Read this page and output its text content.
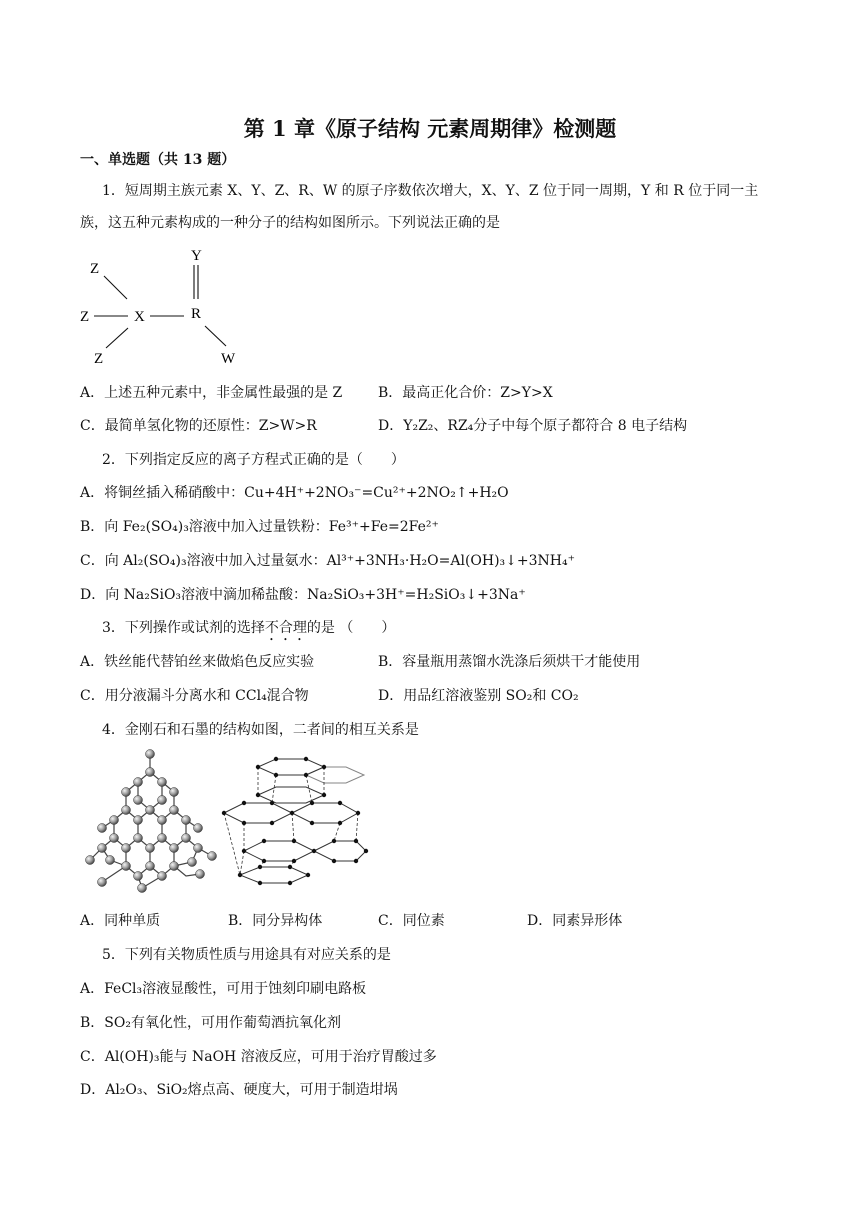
第 1 章《原子结构 元素周期律》检测题
一、单选题（共 13 题）
1．短周期主族元素 X、Y、Z、R、W 的原子序数依次增大，X、Y、Z 位于同一周期，Y 和 R 位于同一主
族，这五种元素构成的一种分子的结构如图所示。下列说法正确的是
Z
Z
Z
X
Y
R
W
A．上述五种元素中，非金属性最强的是 Z	B．最高正化合价：Z>Y>X
C．最简单氢化物的还原性：Z>W>R	D．Y₂Z₂、RZ₄分子中每个原子都符合 8 电子结构
2．下列指定反应的离子方程式正确的是（　　）
A．将铜丝插入稀硝酸中：Cu+4H⁺+2NO₃⁻=Cu²⁺+2NO₂↑+H₂O
B．向 Fe₂(SO₄)₃溶液中加入过量铁粉：Fe³⁺+Fe=2Fe²⁺
C．向 Al₂(SO₄)₃溶液中加入过量氨水：Al³⁺+3NH₃·H₂O=Al(OH)₃↓+3NH₄⁺
D．向 Na₂SiO₃溶液中滴加稀盐酸：Na₂SiO₃+3H⁺=H₂SiO₃↓+3Na⁺
3．下列操作或试剂的选择不合理的是 （　　）
A．铁丝能代替铂丝来做焰色反应实验	B．容量瓶用蒸馏水洗涤后须烘干才能使用
C．用分液漏斗分离水和 CCl₄混合物	D．用品红溶液鉴别 SO₂和 CO₂
4．金刚石和石墨的结构如图，二者间的相互关系是
A．同种单质	B．同分异构体	C．同位素	D．同素异形体
5．下列有关物质性质与用途具有对应关系的是
A．FeCl₃溶液显酸性，可用于蚀刻印刷电路板
B．SO₂有氧化性，可用作葡萄酒抗氧化剂
C．Al(OH)₃能与 NaOH 溶液反应，可用于治疗胃酸过多
D．Al₂O₃、SiO₂熔点高、硬度大，可用于制造坩埚
